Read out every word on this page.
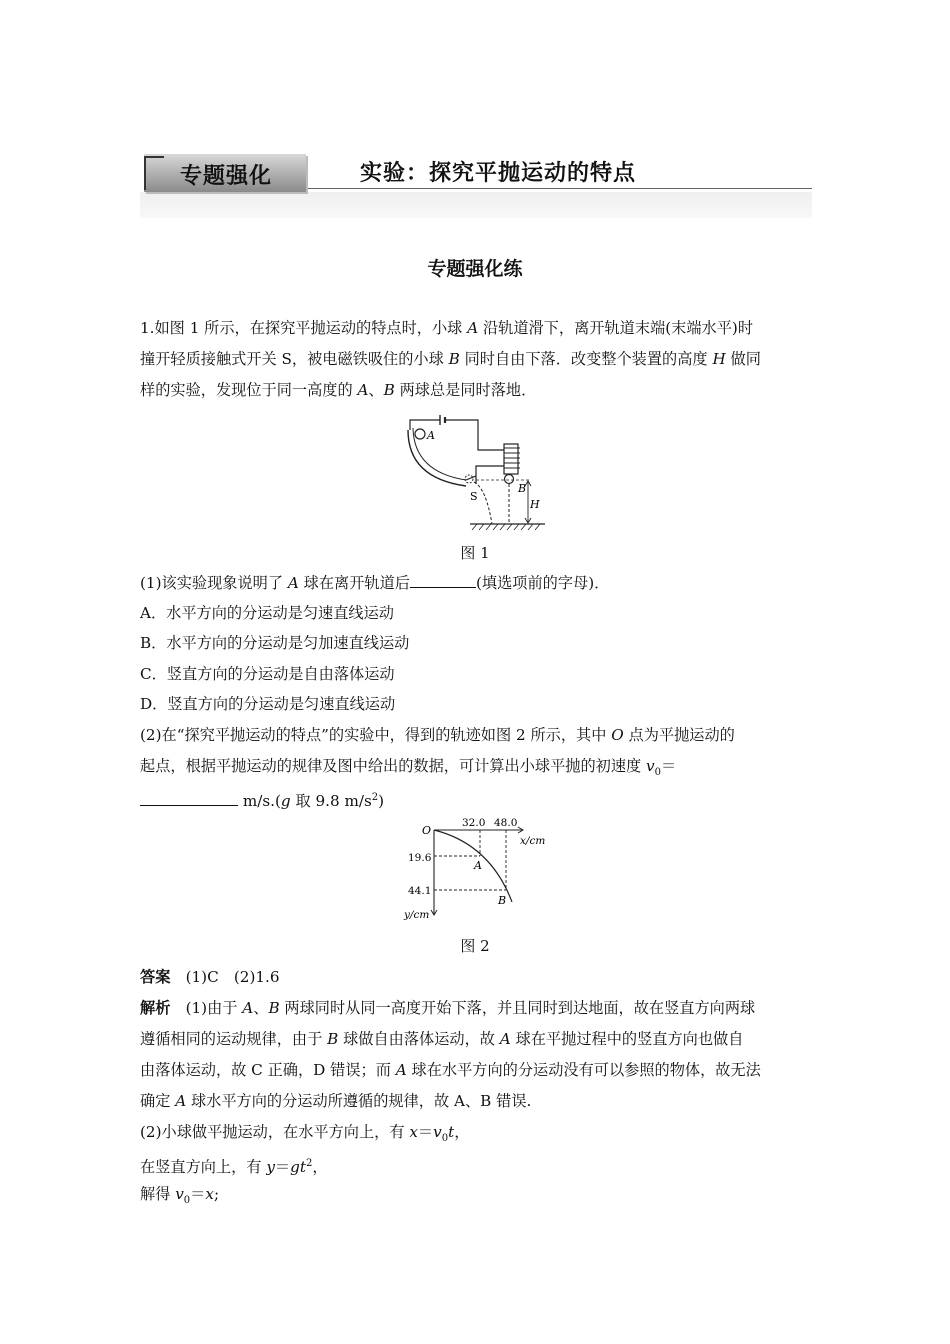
专题强化	实验：探究平抛运动的特点
专题强化练
1.如图 1 所示，在探究平抛运动的特点时，小球 A 沿轨道滑下，离开轨道末端(末端水平)时
撞开轻质接触式开关 S，被电磁铁吸住的小球 B 同时自由下落．改变整个装置的高度 H 做同
样的实验，发现位于同一高度的 A、B 两球总是同时落地．
A
S
B
H
图 1
(1)该实验现象说明了 A 球在离开轨道后	(填选项前的字母)．
A．水平方向的分运动是匀速直线运动
B．水平方向的分运动是匀加速直线运动
C．竖直方向的分运动是自由落体运动
D．竖直方向的分运动是匀速直线运动
(2)在“探究平抛运动的特点”的实验中，得到的轨迹如图 2 所示，其中 O 点为平抛运动的
起点，根据平抛运动的规律及图中给出的数据，可计算出小球平抛的初速度 $v_0=$
m/s.(g 取 9.8 $m/s^2$)
O
32.0 48.0
x/cm
19.6
44.1
y/cm
A
B
图 2
答案　(1)C　(2)1.6
解析　(1)由于 A、B 两球同时从同一高度开始下落，并且同时到达地面，故在竖直方向两球
遵循相同的运动规律，由于 B 球做自由落体运动，故 A 球在平抛过程中的竖直方向也做自
由落体运动，故 C 正确，D 错误；而 A 球在水平方向的分运动没有可以参照的物体，故无法
确定 A 球水平方向的分运动所遵循的规律，故 A、B 错误.
(2)小球做平抛运动，在水平方向上，有 $x=v_0t$，
在竖直方向上，有 $y=gt^2$，
解得 $v_0=x$;
